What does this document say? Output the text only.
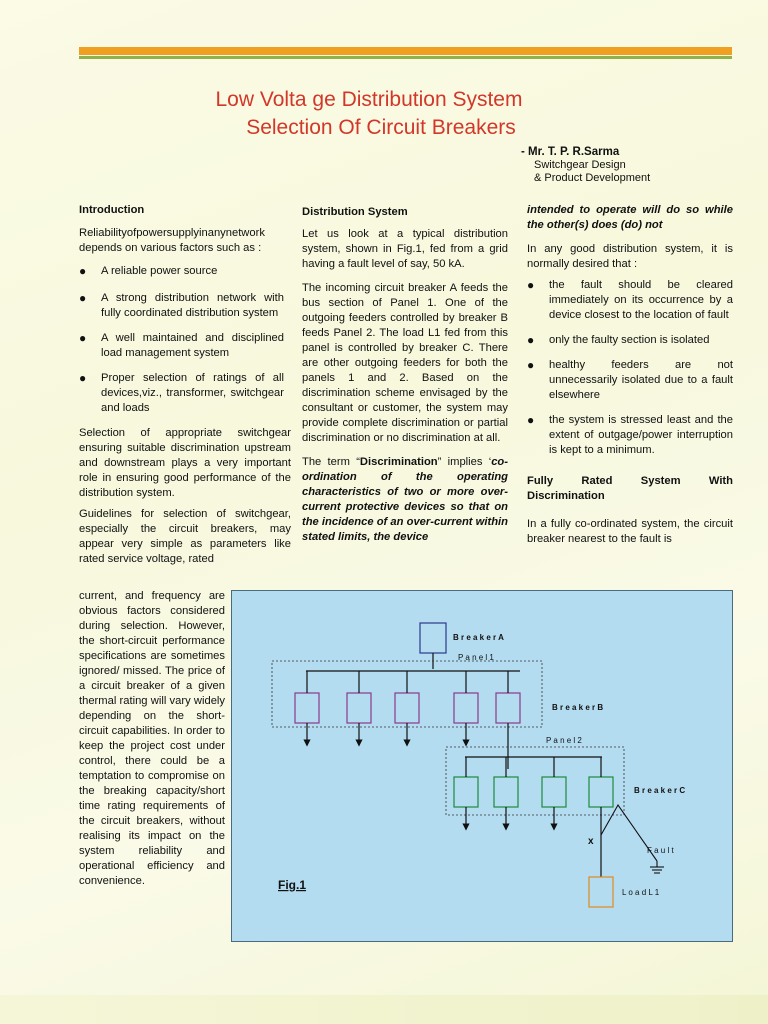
Low Volta ge Distribution System
Selection Of Circuit Breakers
- Mr. T. P. R.Sarma
Switchgear Design
& Product Development
Introduction

Reliabilityofpowersupplyinanynetwork depends on various factors such as :

● A reliable power source
● A strong distribution network with fully coordinated distribution system
● A well maintained and disciplined load management system
● Proper selection of ratings of all devices,viz., transformer, switchgear and loads

Selection of appropriate switchgear ensuring suitable discrimination upstream and downstream plays a very important role in ensuring good performance of the distribution system.

Guidelines for selection of switchgear, especially the circuit breakers, may appear very simple as parameters like rated service voltage, rated

current, and frequency are obvious factors considered during selection. However, the short-circuit performance specifications are sometimes ignored/ missed. The price of a circuit breaker of a given thermal rating will vary widely depending on the short-circuit capabilities. In order to keep the project cost under control, there could be a temptation to compromise on the breaking capacity/short time rating requirements of the circuit breakers, without realising its impact on the system reliability and operational efficiency and convenience.

Distribution System

Let us look at a typical distribution system, shown in Fig.1, fed from a grid having a fault level of say, 50 kA.

The incoming circuit breaker A feeds the bus section of Panel 1. One of the outgoing feeders controlled by breaker B feeds Panel 2. The load L1 fed from this panel is controlled by breaker C. There are other outgoing feeders for both the panels 1 and 2. Based on the discrimination scheme envisaged by the consultant or customer, the system may provide complete discrimination or partial discrimination or no discrimination at all.

The term “Discrimination” implies ‘co-ordination of the operating characteristics of two or more over-current protective devices so that on the incidence of an over-current within stated limits, the device

intended to operate will do so while the other(s) does (do) not

In any good distribution system, it is normally desired that :

● the fault should be cleared immediately on its occurrence by a device closest to the location of fault
● only the faulty section is isolated
● healthy feeders are not unnecessarily isolated due to a fault elsewhere
● the system is stressed least and the extent of outgage/power interruption is kept to a minimum.
Fully Rated System With Discrimination

In a fully co-ordinated system, the circuit breaker nearest to the fault is

B r e a k e r A
P a n e l 1
B r e a k e r B
P a n e l 2
B r e a k e r C
x
F a u l t
L o a d L 1
Fig.1
